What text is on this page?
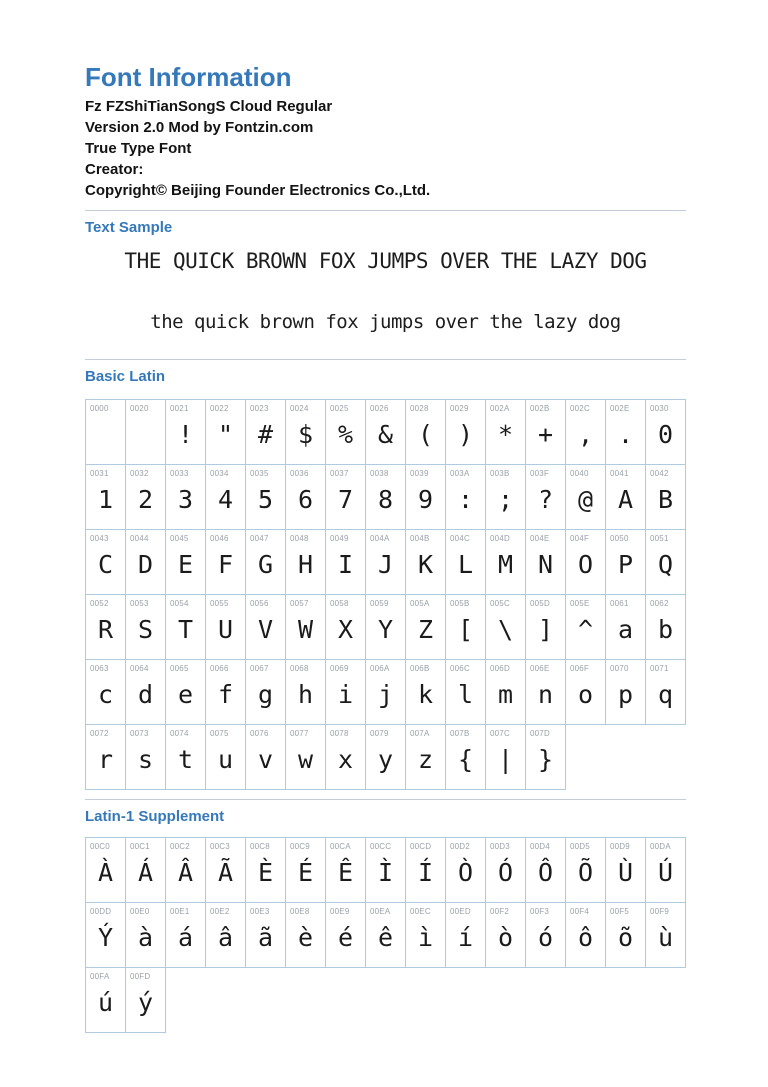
Font Information
Fz FZShiTianSongS Cloud Regular
Version 2.0 Mod by Fontzin.com
True Type Font
Creator:
Copyright© Beijing Founder Electronics Co.,Ltd.
Text Sample
THE QUICK BROWN FOX JUMPS OVER THE LAZY DOG
the quick brown fox jumps over the lazy dog
Basic Latin
0000	0020	0021
!
0022
"
0023
#
0024
$
0025
%
0026
&
0028
(
0029
)
002A
*
002B
+
002C
,
002E
.
0030
0
0031
1
0032
2
0033
3
0034
4
0035
5
0036
6
0037
7
0038
8
0039
9
003A
:
003B
;
003F
?
0040
@
0041
A
0042
B
0043
C
0044
D
0045
E
0046
F
0047
G
0048
H
0049
I
004A
J
004B
K
004C
L
004D
M
004E
N
004F
O
0050
P
0051
Q
0052
R
0053
S
0054
T
0055
U
0056
V
0057
W
0058
X
0059
Y
005A
Z
005B
[
005C
\
005D
]
005E
^
0061
a
0062
b
0063
c
0064
d
0065
e
0066
f
0067
g
0068
h
0069
i
006A
j
006B
k
006C
l
006D
m
006E
n
006F
o
0070
p
0071
q
0072
r
0073
s
0074
t
0075
u
0076
v
0077
w
0078
x
0079
y
007A
z
007B
{
007C
|
007D
}
Latin-1 Supplement
00C0
À
00C1
Á
00C2
Â
00C3
Ã
00C8
È
00C9
É
00CA
Ê
00CC
Ì
00CD
Í
00D2
Ò
00D3
Ó
00D4
Ô
00D5
Õ
00D9
Ù
00DA
Ú
00DD
Ý
00E0
à
00E1
á
00E2
â
00E3
ã
00E8
è
00E9
é
00EA
ê
00EC
ì
00ED
í
00F2
ò
00F3
ó
00F4
ô
00F5
õ
00F9
ù
00FA
ú
00FD
ý
